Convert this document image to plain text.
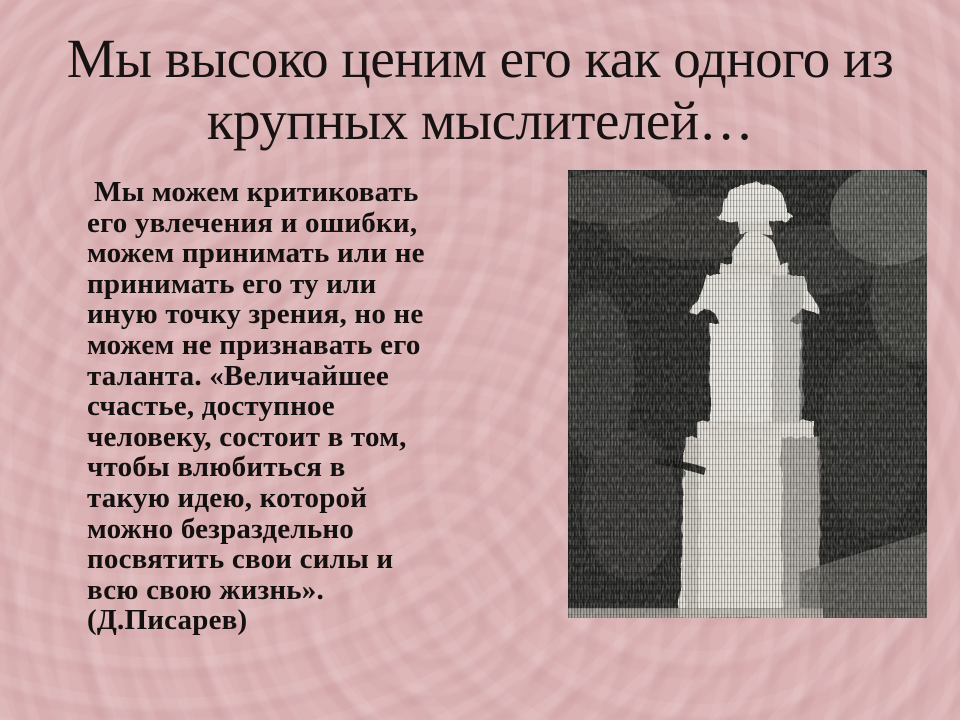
Мы высоко ценим его как одного из
крупных мыслителей…
Мы можем критиковать
его увлечения и ошибки,
можем принимать или не
принимать его ту или
иную точку зрения, но не
можем не признавать его
таланта. «Величайшее
счастье, доступное
человеку, состоит в том,
чтобы влюбиться в
такую идею, которой
можно безраздельно
посвятить свои силы и
всю свою жизнь».
(Д.Писарев)
